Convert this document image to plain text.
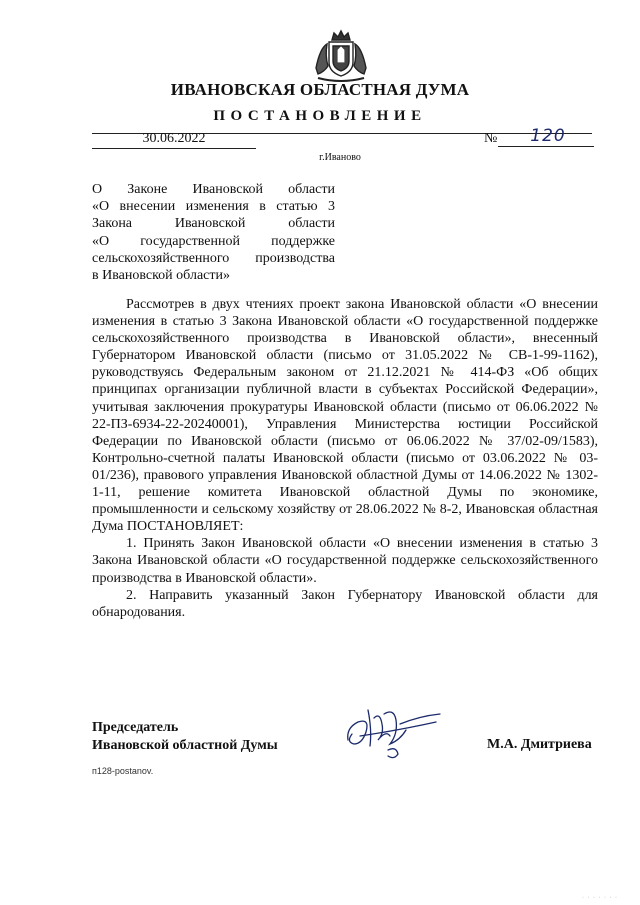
ИВАНОВСКАЯ ОБЛАСТНАЯ ДУМА
ПОСТАНОВЛЕНИЕ
30.06.2022	№	120
г.Иваново
О Законе Ивановской области
«О внесении изменения в статью 3
Закона Ивановской области
«О государственной поддержке
сельскохозяйственного производства
в Ивановской области»

Рассмотрев в двух чтениях проект закона Ивановской области «О внесении изменения в статью 3 Закона Ивановской области «О государственной поддержке сельскохозяйственного производства в Ивановской области», внесенный Губернатором Ивановской области (письмо от 31.05.2022 № СВ-1-99-1162), руководствуясь Федеральным законом от 21.12.2021 № 414-ФЗ «Об общих принципах организации публичной власти в субъектах Российской Федерации», учитывая заключения прокуратуры Ивановской области (письмо от 06.06.2022 № 22-ПЗ-6934-22-20240001), Управления Министерства юстиции Российской Федерации по Ивановской области (письмо от 06.06.2022 № 37/02-09/1583), Контрольно-счетной палаты Ивановской области (письмо от 03.06.2022 № 03-01/236), правового управления Ивановской областной Думы от 14.06.2022 № 1302-1-11, решение комитета Ивановской областной Думы по экономике, промышленности и сельскому хозяйству от 28.06.2022 № 8-2, Ивановская областная Дума ПОСТАНОВЛЯЕТ:

1. Принять Закон Ивановской области «О внесении изменения в статью 3 Закона Ивановской области «О государственной поддержке сельскохозяйственного производства в Ивановской области».

2. Направить указанный Закон Губернатору Ивановской области для обнародования.

Председатель
Ивановской областной Думы	М.А. Дмитриева
п128-postanov.
· · · · · · ·
